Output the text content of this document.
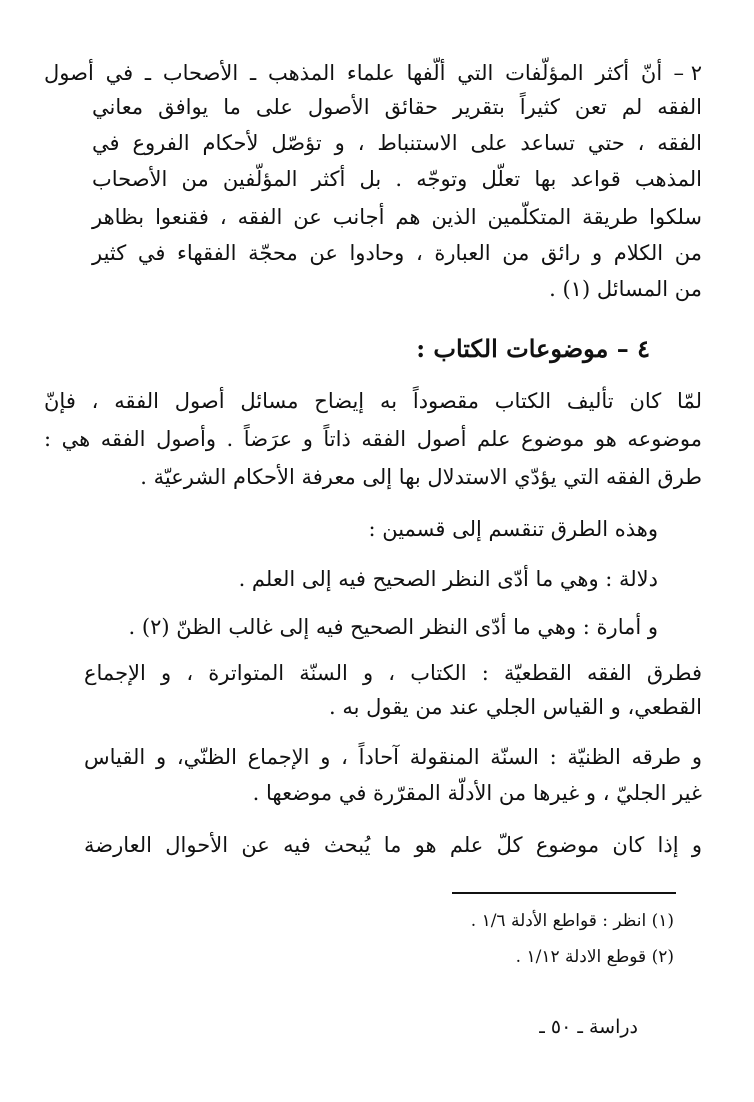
٢ – أنّ أكثر المؤلّفات التي ألّفها علماء المذهب ـ الأصحاب ـ في أصول
الفقه لم تعن كثيراً بتقرير حقائق الأصول على ما يوافق معاني
الفقه ، حتي تساعد على الاستنباط ، و تؤصّل لأحكام الفروع في
المذهب قواعد بها تعلّل وتوجّه . بل أكثر المؤلّفين من الأصحاب
سلكوا طريقة المتكلّمين الذين هم أجانب عن الفقه ، فقنعوا بظاهر
من الكلام و رائق من العبارة ، وحادوا عن محجّة الفقهاء في كثير
من المسائل (١) .
٤ – موضوعات الكتاب :
لمّا كان تأليف الكتاب مقصوداً به إيضاح مسائل أصول الفقه ، فإنّ
موضوعه هو موضوع علم أصول الفقه ذاتاً و عرَضاً . وأصول الفقه هي :
طرق الفقه التي يؤدّي الاستدلال بها إلى معرفة الأحكام الشرعيّة .
وهذه الطرق تنقسم إلى قسمين :
دلالة : وهي ما أدّى النظر الصحيح فيه إلى العلم .
و أمارة : وهي ما أدّى النظر الصحيح فيه إلى غالب الظنّ (٢) .
فطرق الفقه القطعيّة : الكتاب ، و السنّة المتواترة ، و الإجماع
القطعي، و القياس الجلي عند من يقول به .
و طرقه الظنيّة : السنّة المنقولة آحاداً ، و الإجماع الظنّي، و القياس
غير الجليّ ، و غيرها من الأدلّة المقرّرة في موضعها .
و إذا كان موضوع كلّ علم هو ما يُبحث فيه عن الأحوال العارضة
(١) انظر : قواطع الأدلة ١/٦ .
(٢) قوطع الادلة ١/١٢ .
دراسة ـ ٥٠ ـ
